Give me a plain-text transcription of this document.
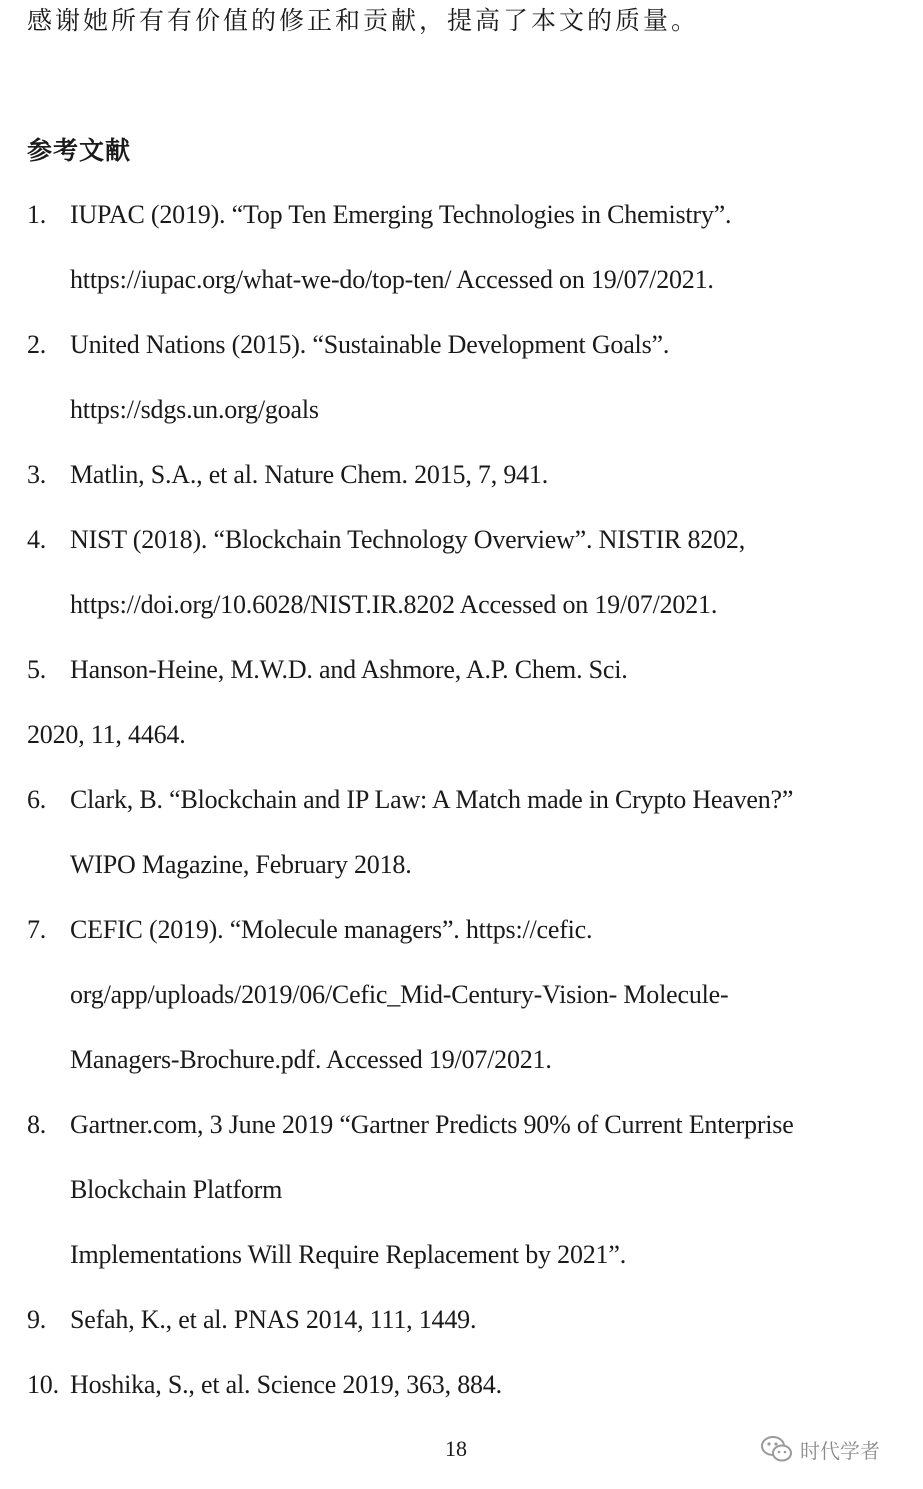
感谢她所有有价值的修正和贡献，提高了本文的质量。
参考文献
1. IUPAC (2019). “Top Ten Emerging Technologies in Chemistry”.
https://iupac.org/what-we-do/top-ten/ Accessed on 19/07/2021.
2. United Nations (2015). “Sustainable Development Goals”.
https://sdgs.un.org/goals
3. Matlin, S.A., et al. Nature Chem. 2015, 7, 941.
4. NIST (2018). “Blockchain Technology Overview”. NISTIR 8202,
https://doi.org/10.6028/NIST.IR.8202 Accessed on 19/07/2021.
5. Hanson-Heine, M.W.D. and Ashmore, A.P. Chem. Sci.
2020, 11, 4464.
6. Clark, B. “Blockchain and IP Law: A Match made in Crypto Heaven?”
WIPO Magazine, February 2018.
7. CEFIC (2019). “Molecule managers”. https://cefic.
org/app/uploads/2019/06/Cefic_Mid-Century-Vision- Molecule-
Managers-Brochure.pdf. Accessed 19/07/2021.
8. Gartner.com, 3 June 2019 “Gartner Predicts 90% of Current Enterprise
Blockchain Platform
Implementations Will Require Replacement by 2021”.
9. Sefah, K., et al. PNAS 2014, 111, 1449.
10. Hoshika, S., et al. Science 2019, 363, 884.
18	时代学者
